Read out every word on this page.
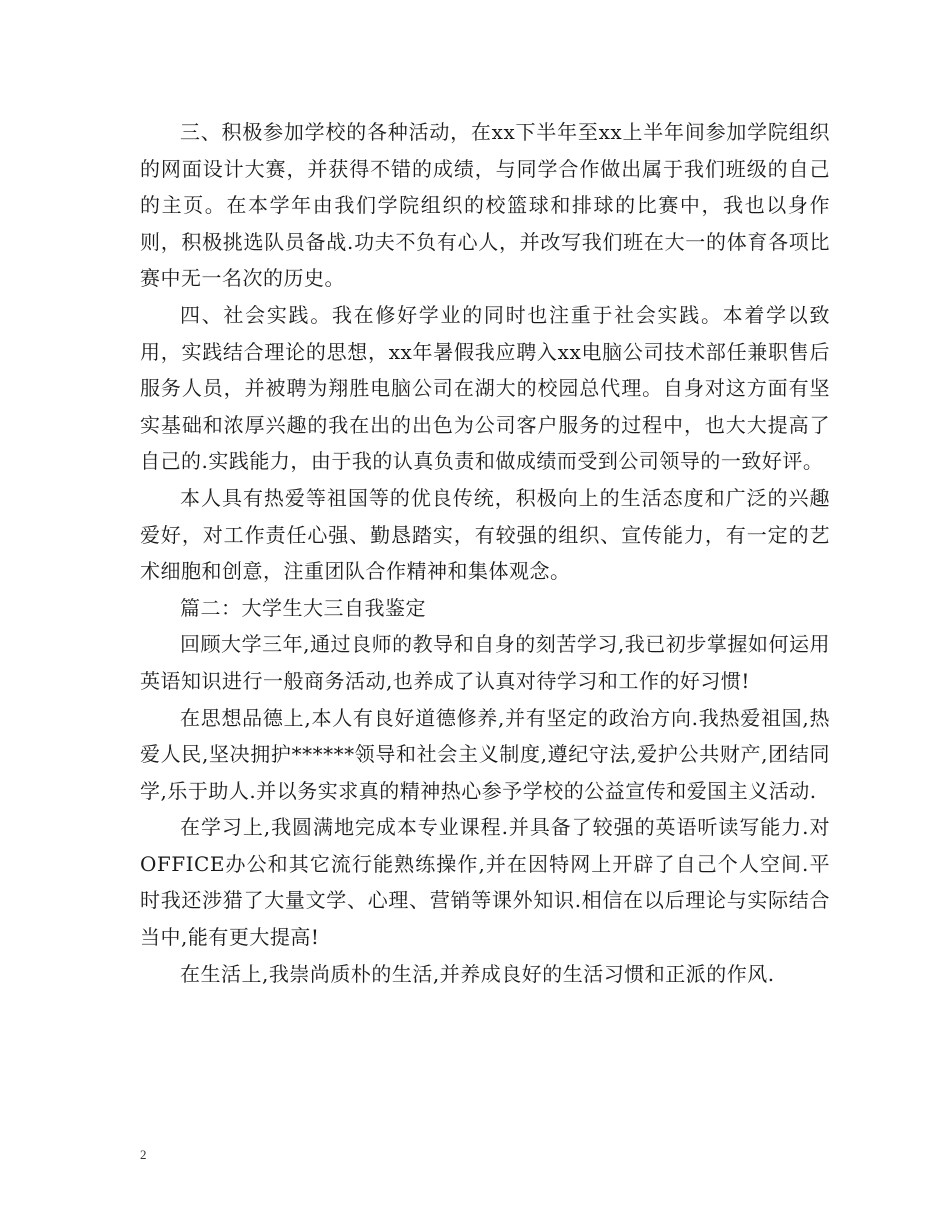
三、积极参加学校的各种活动，在xx下半年至xx上半年间参加学院组织的网面设计大赛，并获得不错的成绩，与同学合作做出属于我们班级的自己的主页。在本学年由我们学院组织的校篮球和排球的比赛中，我也以身作则，积极挑选队员备战.功夫不负有心人，并改写我们班在大一的体育各项比赛中无一名次的历史。

四、社会实践。我在修好学业的同时也注重于社会实践。本着学以致用，实践结合理论的思想，xx年暑假我应聘入xx电脑公司技术部任兼职售后服务人员，并被聘为翔胜电脑公司在湖大的校园总代理。自身对这方面有坚实基础和浓厚兴趣的我在出的出色为公司客户服务的过程中，也大大提高了自己的.实践能力，由于我的认真负责和做成绩而受到公司领导的一致好评。

本人具有热爱等祖国等的优良传统，积极向上的生活态度和广泛的兴趣爱好，对工作责任心强、勤恳踏实，有较强的组织、宣传能力，有一定的艺术细胞和创意，注重团队合作精神和集体观念。

篇二：大学生大三自我鉴定

回顾大学三年,通过良师的教导和自身的刻苦学习,我已初步掌握如何运用英语知识进行一般商务活动,也养成了认真对待学习和工作的好习惯!

在思想品德上,本人有良好道德修养,并有坚定的政治方向.我热爱祖国,热爱人民,坚决拥护******领导和社会主义制度,遵纪守法,爱护公共财产,团结同学,乐于助人.并以务实求真的精神热心参予学校的公益宣传和爱国主义活动.

在学习上,我圆满地完成本专业课程.并具备了较强的英语听读写能力.对OFFICE办公和其它流行能熟练操作,并在因特网上开辟了自己个人空间.平时我还涉猎了大量文学、心理、营销等课外知识.相信在以后理论与实际结合当中,能有更大提高!

在生活上,我崇尚质朴的生活,并养成良好的生活习惯和正派的作风.

2
